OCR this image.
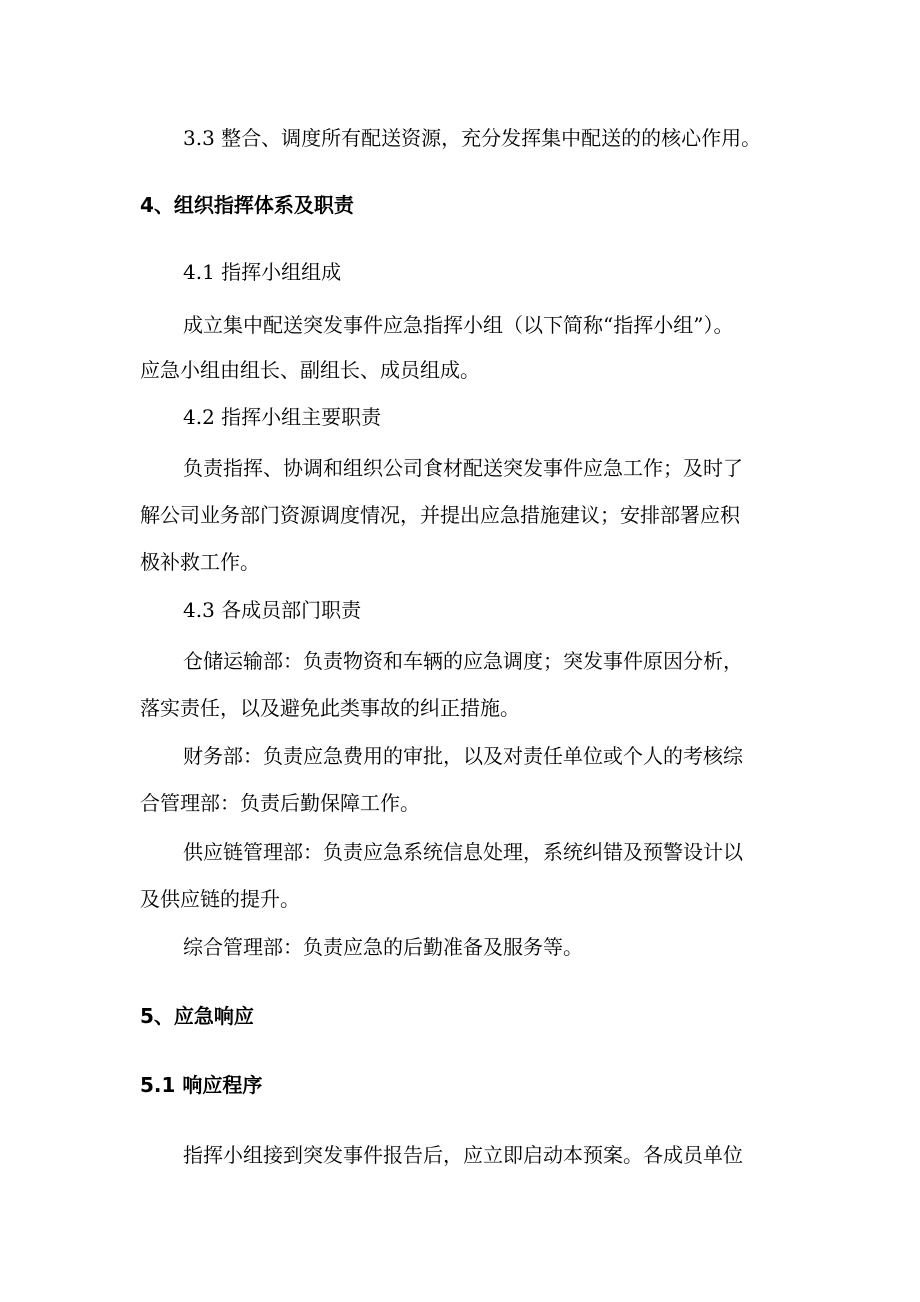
3.3 整合、调度所有配送资源，充分发挥集中配送的的核心作用。

4、组织指挥体系及职责

4.1 指挥小组组成

成立集中配送突发事件应急指挥小组（以下简称“指挥小组”）。

应急小组由组长、副组长、成员组成。

4.2 指挥小组主要职责

负责指挥、协调和组织公司食材配送突发事件应急工作；及时了

解公司业务部门资源调度情况，并提出应急措施建议；安排部署应积

极补救工作。

4.3 各成员部门职责

仓储运输部：负责物资和车辆的应急调度；突发事件原因分析，

落实责任，以及避免此类事故的纠正措施。

财务部：负责应急费用的审批，以及对责任单位或个人的考核综

合管理部：负责后勤保障工作。

供应链管理部：负责应急系统信息处理，系统纠错及预警设计以

及供应链的提升。

综合管理部：负责应急的后勤准备及服务等。

5、应急响应

5.1 响应程序

指挥小组接到突发事件报告后，应立即启动本预案。各成员单位
